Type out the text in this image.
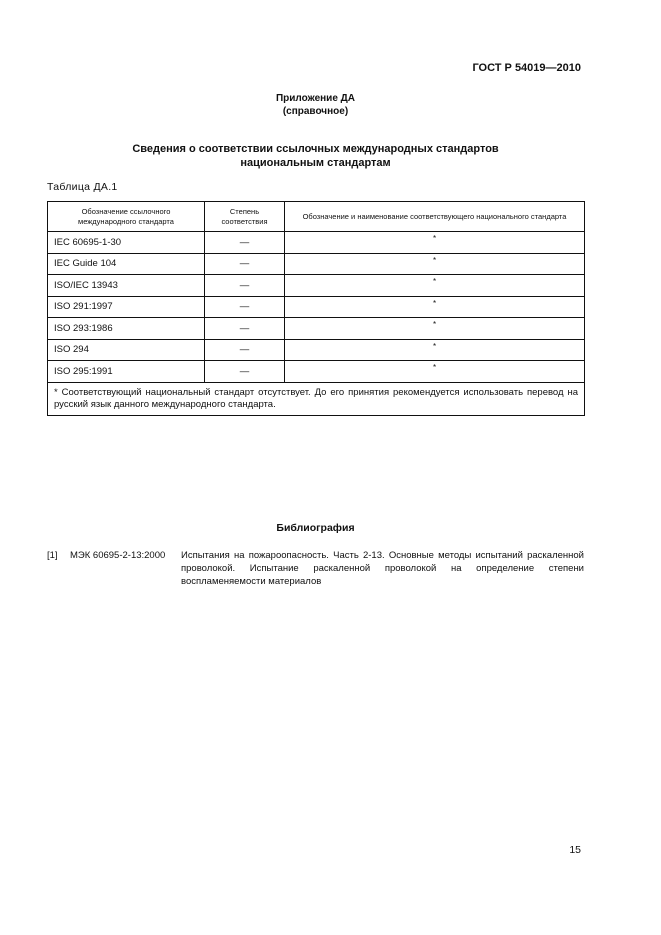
ГОСТ Р 54019—2010
Приложение ДА
(справочное)
Сведения о соответствии ссылочных международных стандартов
национальным стандартам
Таблица ДА.1
Обозначение ссылочного международного стандарта	Степень соответствия	Обозначение и наименование соответствующего национального стандарта
IEC 60695-1-30	—	*
IEC Guide 104	—	*
ISO/IEC 13943	—	*
ISO 291:1997	—	*
ISO 293:1986	—	*
ISO 294	—	*
ISO 295:1991	—	*
* Соответствующий национальный стандарт отсутствует. До его принятия рекомендуется использовать перевод на русский язык данного международного стандарта.		
Библиография
[1] МЭК 60695-2-13:2000 Испытания на пожароопасность. Часть 2-13. Основные методы испытаний раскаленной проволокой. Испытание раскаленной проволокой на определение степени воспламеняемости материалов
15
